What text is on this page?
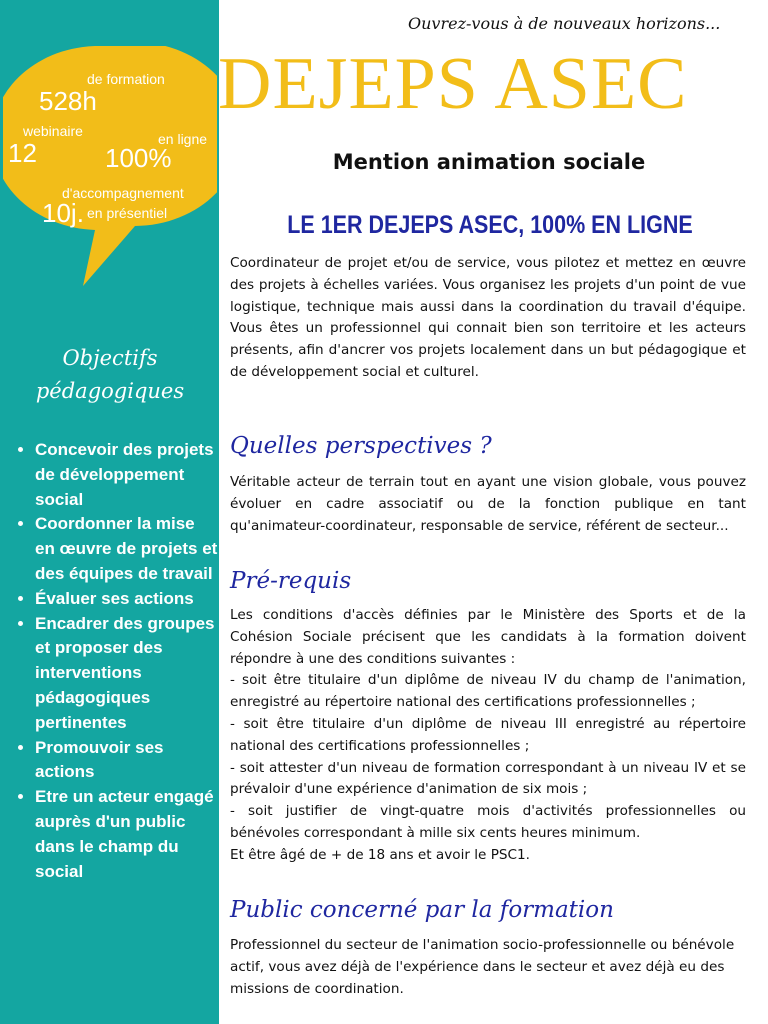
de formation
528h
webinaire
12	en ligne
100%
d'accompagnement
10j. en présentiel
Objectifs
pédagogiques
• Concevoir des projets de développement social
• Coordonner la mise en œuvre de projets et des équipes de travail
• Évaluer ses actions
• Encadrer des groupes et proposer des interventions pédagogiques pertinentes
• Promouvoir ses actions
• Etre un acteur engagé auprès d'un public dans le champ du social
Ouvrez-vous à de nouveaux horizons...
DEJEPS ASEC
Mention animation sociale
LE 1ER DEJEPS ASEC, 100% EN LIGNE

Coordinateur de projet et/ou de service, vous pilotez et mettez en œuvre des projets à échelles variées. Vous organisez les projets d'un point de vue logistique, technique mais aussi dans la coordination du travail d'équipe. Vous êtes un professionnel qui connait bien son territoire et les acteurs présents, afin d'ancrer vos projets localement dans un but pédagogique et de développement social et culturel.

Quelles perspectives ?

Véritable acteur de terrain tout en ayant une vision globale, vous pouvez évoluer en cadre associatif ou de la fonction publique en tant qu'animateur-coordinateur, responsable de service, référent de secteur...

Pré-requis

Les conditions d'accès définies par le Ministère des Sports et de la Cohésion Sociale précisent que les candidats à la formation doivent répondre à une des conditions suivantes :
- soit être titulaire d'un diplôme de niveau IV du champ de l'animation, enregistré au répertoire national des certifications professionnelles ;
- soit être titulaire d'un diplôme de niveau III enregistré au répertoire national des certifications professionnelles ;
- soit attester d'un niveau de formation correspondant à un niveau IV et se prévaloir d'une expérience d'animation de six mois ;
- soit justifier de vingt-quatre mois d'activités professionnelles ou bénévoles correspondant à mille six cents heures minimum.
Et être âgé de + de 18 ans et avoir le PSC1.

Public concerné par la formation

Professionnel du secteur de l'animation socio-professionnelle ou bénévole actif, vous avez déjà de l'expérience dans le secteur et avez déjà eu des missions de coordination.
